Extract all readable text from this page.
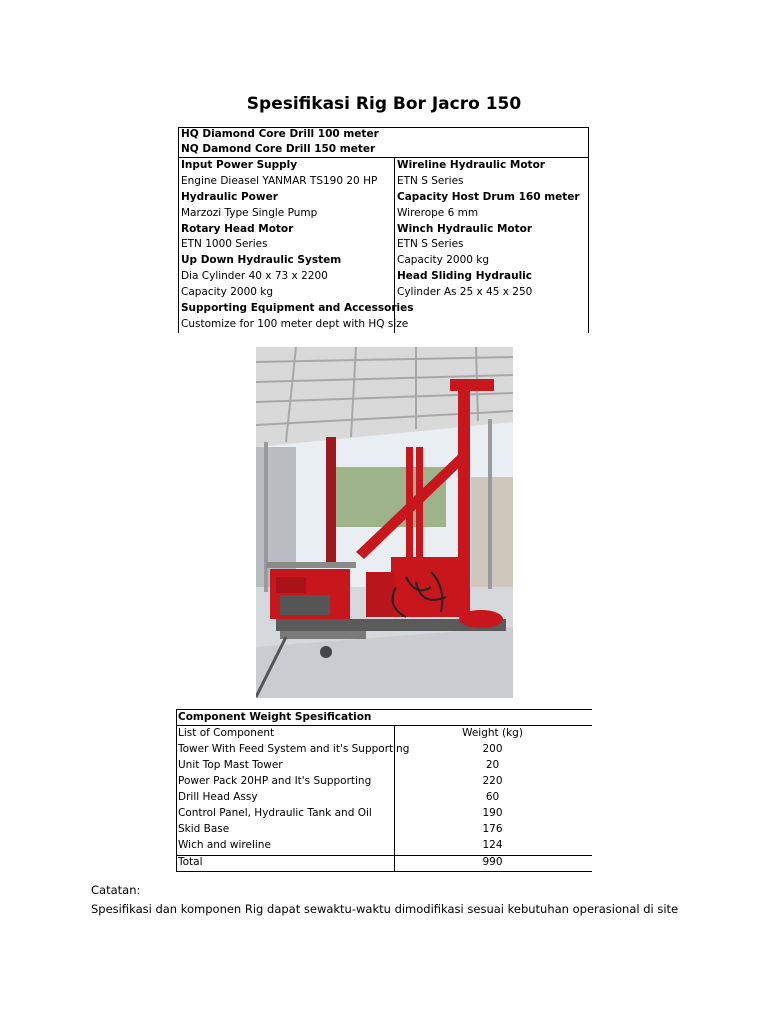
Spesifikasi Rig Bor Jacro 150
HQ Diamond Core Drill 100 meter
NQ Damond Core Drill 150 meter
Input Power Supply
Engine Dieasel YANMAR TS190 20 HP
Hydraulic Power
Marzozi Type Single Pump
Rotary Head Motor
ETN 1000 Series
Up Down Hydraulic System
Dia Cylinder 40 x 73 x 2200
Capacity 2000 kg
Supporting Equipment and Accessories
Customize for 100 meter dept with HQ size
Wireline Hydraulic Motor
ETN S Series
Capacity Host Drum 160 meter
Wirerope 6 mm
Winch Hydraulic Motor
ETN S Series
Capacity 2000 kg
Head Sliding Hydraulic
Cylinder As 25 x 45 x 250
Component Weight Spesification
List of Component	Weight (kg)
Tower With Feed System and it's Supporting	200
Unit Top Mast Tower	20
Power Pack 20HP and It's Supporting	220
Drill Head Assy	60
Control Panel, Hydraulic Tank and Oil	190
Skid Base	176
Wich and wireline	124
Total	990
Catatan:
Spesifikasi dan komponen Rig dapat sewaktu-waktu dimodifikasi sesuai kebutuhan operasional di site
